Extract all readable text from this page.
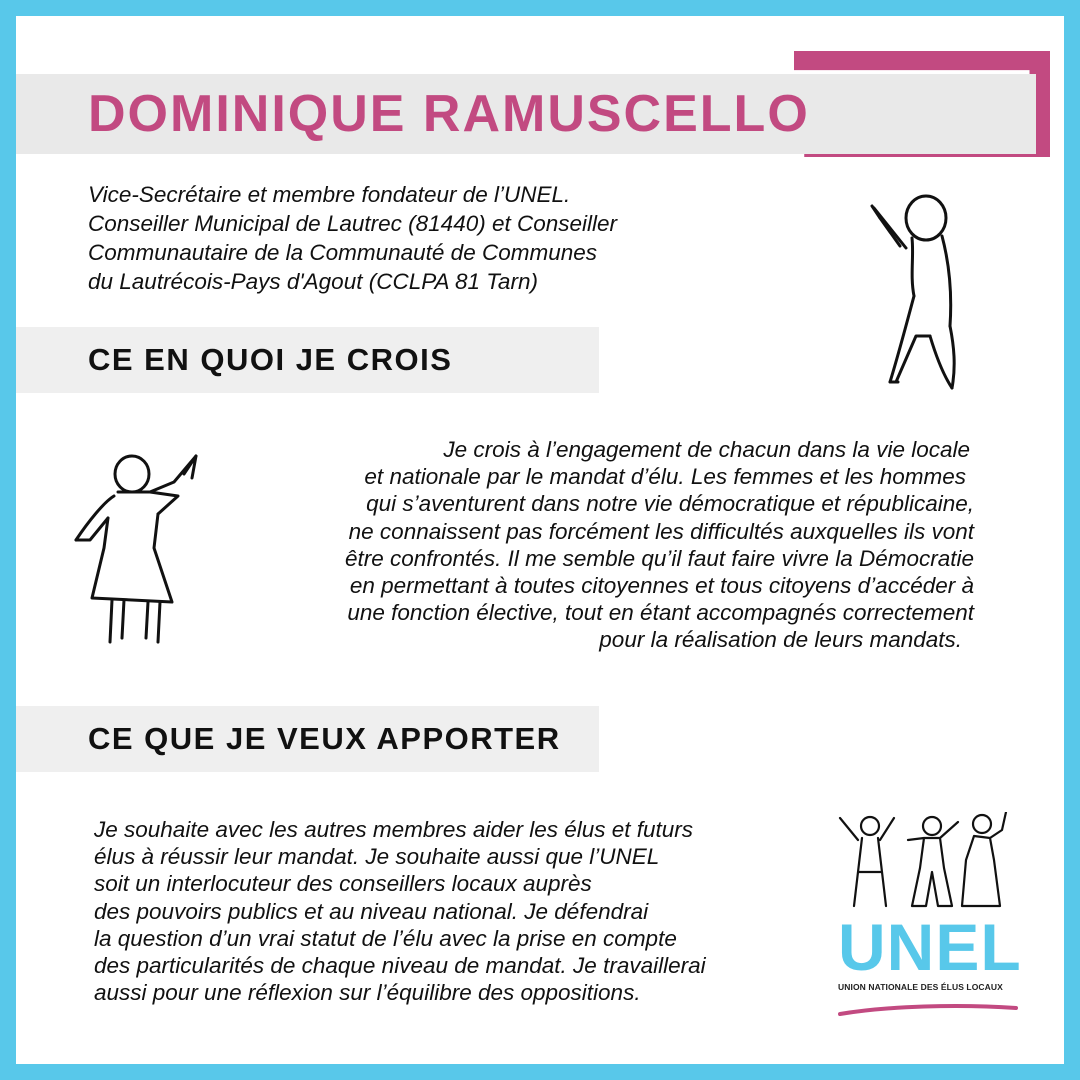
DOMINIQUE RAMUSCELLO
Vice-Secrétaire et membre fondateur de l’UNEL.
Conseiller Municipal de Lautrec (81440) et Conseiller
Communautaire de la Communauté de Communes
du Lautrécois-Pays d'Agout (CCLPA 81 Tarn)
CE EN QUOI JE CROIS
Je crois à l’engagement de chacun dans la vie locale
et nationale par le mandat d’élu. Les femmes et les hommes
qui s’aventurent dans notre vie démocratique et républicaine,
ne connaissent pas forcément les difficultés auxquelles ils vont
être confrontés. Il me semble qu’il faut faire vivre la Démocratie
en permettant à toutes citoyennes et tous citoyens d’accéder à
une fonction élective, tout en étant accompagnés correctement
pour la réalisation de leurs mandats.
CE QUE JE VEUX APPORTER
Je souhaite avec les autres membres aider les élus et futurs
élus à réussir leur mandat. Je souhaite aussi que l’UNEL
soit un interlocuteur des conseillers locaux auprès
des pouvoirs publics et au niveau national. Je défendrai
la question d’un vrai statut de l’élu avec la prise en compte
des particularités de chaque niveau de mandat. Je travaillerai
aussi pour une réflexion sur l’équilibre des oppositions.
UNEL
UNION NATIONALE DES ÉLUS LOCAUX
